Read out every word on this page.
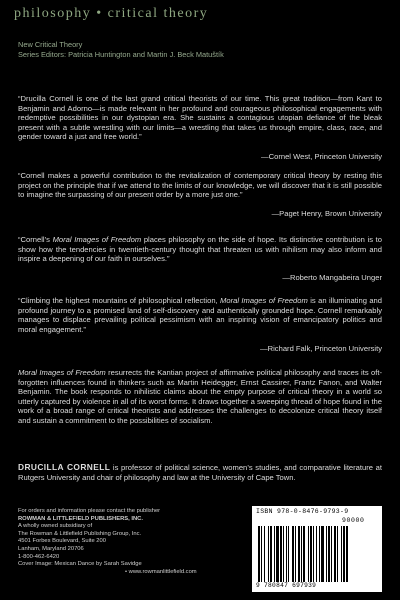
philosophy • critical theory
New Critical Theory
Series Editors: Patricia Huntington and Martin J. Beck Matuštík
“Drucilla Cornell is one of the last grand critical theorists of our time. This great tradition—from Kant to Benjamin and Adorno—is made relevant in her profound and courageous philosophical engagements with redemptive possibilities in our dystopian era. She sustains a contagious utopian defiance of the bleak present with a subtle wrestling with our limits—a wrestling that takes us through empire, class, race, and gender toward a just and free world.”
—Cornel West, Princeton University
“Cornell makes a powerful contribution to the revitalization of contemporary critical theory by resting this project on the principle that if we attend to the limits of our knowledge, we will discover that it is still possible to imagine the surpassing of our present order by a more just one.”
—Paget Henry, Brown University
“Cornell’s Moral Images of Freedom places philosophy on the side of hope. Its distinctive contribution is to show how the tendencies in twentieth-century thought that threaten us with nihilism may also inform and inspire a deepening of our faith in ourselves.”
—Roberto Mangabeira Unger
“Climbing the highest mountains of philosophical reflection, Moral Images of Freedom is an illuminating and profound journey to a promised land of self-discovery and authentically grounded hope. Cornell remarkably manages to displace prevailing political pessimism with an inspiring vision of emancipatory politics and moral engagement.”
—Richard Falk, Princeton University
Moral Images of Freedom resurrects the Kantian project of affirmative political philosophy and traces its oft-forgotten influences found in thinkers such as Martin Heidegger, Ernst Cassirer, Frantz Fanon, and Walter Benjamin. The book responds to nihilistic claims about the empty purpose of critical theory in a world so utterly captured by violence in all of its worst forms. It draws together a sweeping thread of hope found in the work of a broad range of critical theorists and addresses the challenges to decolonize critical theory itself and sustain a commitment to the possibilities of socialism.
DRUCILLA CORNELL is professor of political science, women’s studies, and comparative literature at Rutgers University and chair of philosophy and law at the University of Cape Town.
For orders and information please contact the publisher
ROWMAN & LITTLEFIELD PUBLISHERS, INC.
A wholly owned subsidiary of
The Rowman & Littlefield Publishing Group, Inc.
4501 Forbes Boulevard, Suite 200
Lanham, Maryland 20706
1-800-462-6420
Cover Image: Mexican Dance by Sarah Savidge
• www.rowmanlittlefield.com
ISBN 978-0-8476-9793-9
90000
9 780847 697939
